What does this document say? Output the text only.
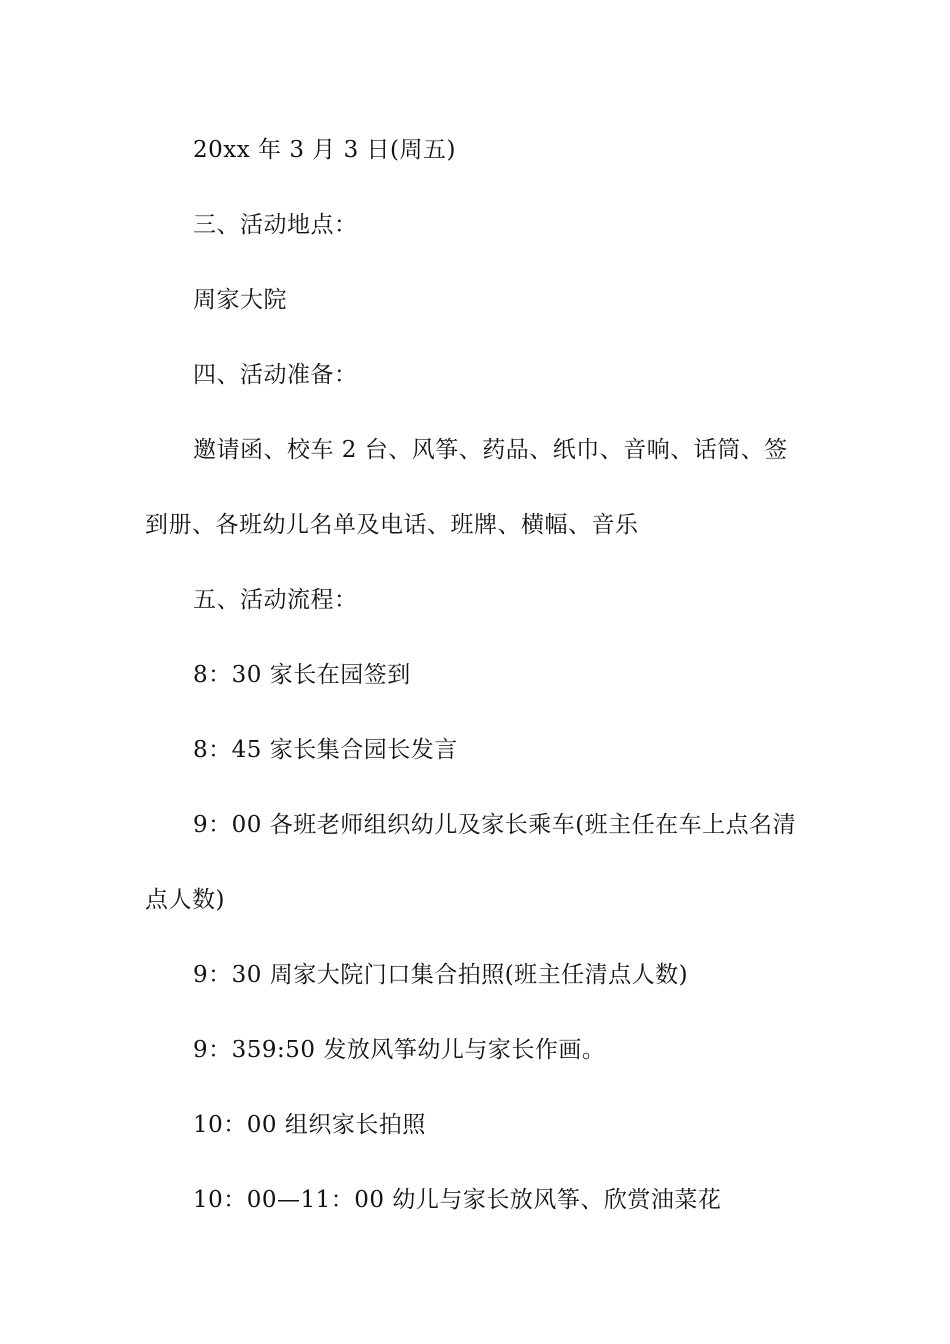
20xx 年 3 月 3 日(周五)
三、活动地点：
周家大院
四、活动准备：
邀请函、校车 2 台、风筝、药品、纸巾、音响、话筒、签
到册、各班幼儿名单及电话、班牌、横幅、音乐
五、活动流程：
8：30 家长在园签到
8：45 家长集合园长发言
9：00 各班老师组织幼儿及家长乘车(班主任在车上点名清
点人数)
9：30 周家大院门口集合拍照(班主任清点人数)
9：359:50 发放风筝幼儿与家长作画。
10：00 组织家长拍照
10：00—11：00 幼儿与家长放风筝、欣赏油菜花
